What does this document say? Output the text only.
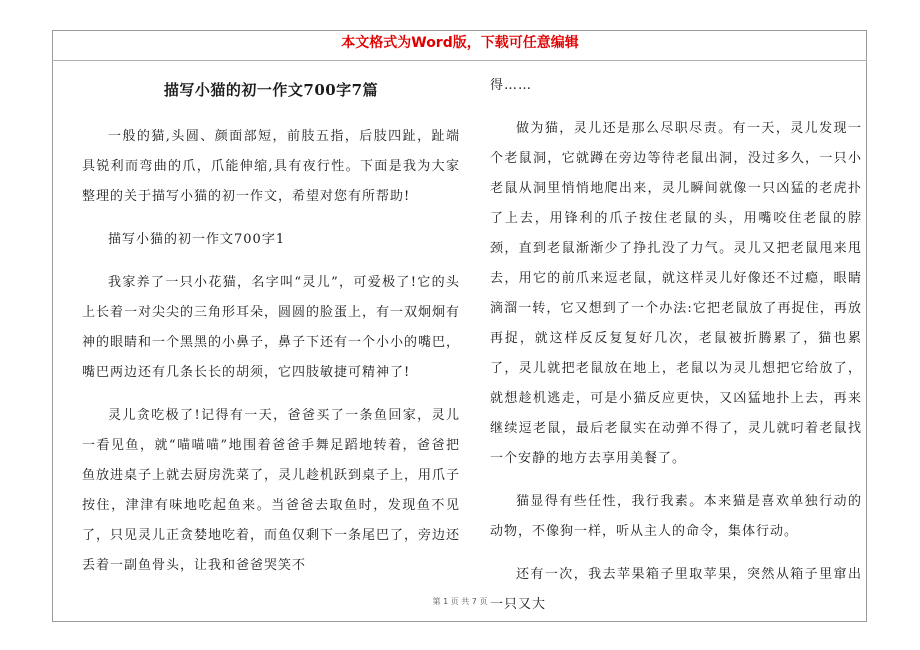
本文格式为Word版，下载可任意编辑
描写小猫的初一作文700字7篇

一般的猫,头圆、颜面部短，前肢五指，后肢四趾，趾端具锐利而弯曲的爪，爪能伸缩,具有夜行性。下面是我为大家整理的关于描写小猫的初一作文，希望对您有所帮助!

描写小猫的初一作文700字1

我家养了一只小花猫，名字叫“灵儿”，可爱极了!它的头上长着一对尖尖的三角形耳朵，圆圆的脸蛋上，有一双炯炯有神的眼睛和一个黑黑的小鼻子，鼻子下还有一个小小的嘴巴，嘴巴两边还有几条长长的胡须，它四肢敏捷可精神了!

灵儿贪吃极了!记得有一天，爸爸买了一条鱼回家，灵儿一看见鱼，就“喵喵喵”地围着爸爸手舞足蹈地转着，爸爸把鱼放进桌子上就去厨房洗菜了，灵儿趁机跃到桌子上，用爪子按住，津津有味地吃起鱼来。当爸爸去取鱼时，发现鱼不见了，只见灵儿正贪婪地吃着，而鱼仅剩下一条尾巴了，旁边还丢着一副鱼骨头，让我和爸爸哭笑不

得……

做为猫，灵儿还是那么尽职尽责。有一天，灵儿发现一个老鼠洞，它就蹲在旁边等待老鼠出洞，没过多久，一只小老鼠从洞里悄悄地爬出来，灵儿瞬间就像一只凶猛的老虎扑了上去，用锋利的爪子按住老鼠的头，用嘴咬住老鼠的脖颈，直到老鼠渐渐少了挣扎没了力气。灵儿又把老鼠甩来甩去，用它的前爪来逗老鼠，就这样灵儿好像还不过瘾，眼睛滴溜一转，它又想到了一个办法:它把老鼠放了再捉住，再放再捉，就这样反反复复好几次，老鼠被折腾累了，猫也累了，灵儿就把老鼠放在地上，老鼠以为灵儿想把它给放了，就想趁机逃走，可是小猫反应更快，又凶猛地扑上去，再来继续逗老鼠，最后老鼠实在动弹不得了，灵儿就叼着老鼠找一个安静的地方去享用美餐了。

猫显得有些任性，我行我素。本来猫是喜欢单独行动的动物，不像狗一样，听从主人的命令，集体行动。

还有一次，我去苹果箱子里取苹果，突然从箱子里窜出一只又大

第 1 页 共 7 页
